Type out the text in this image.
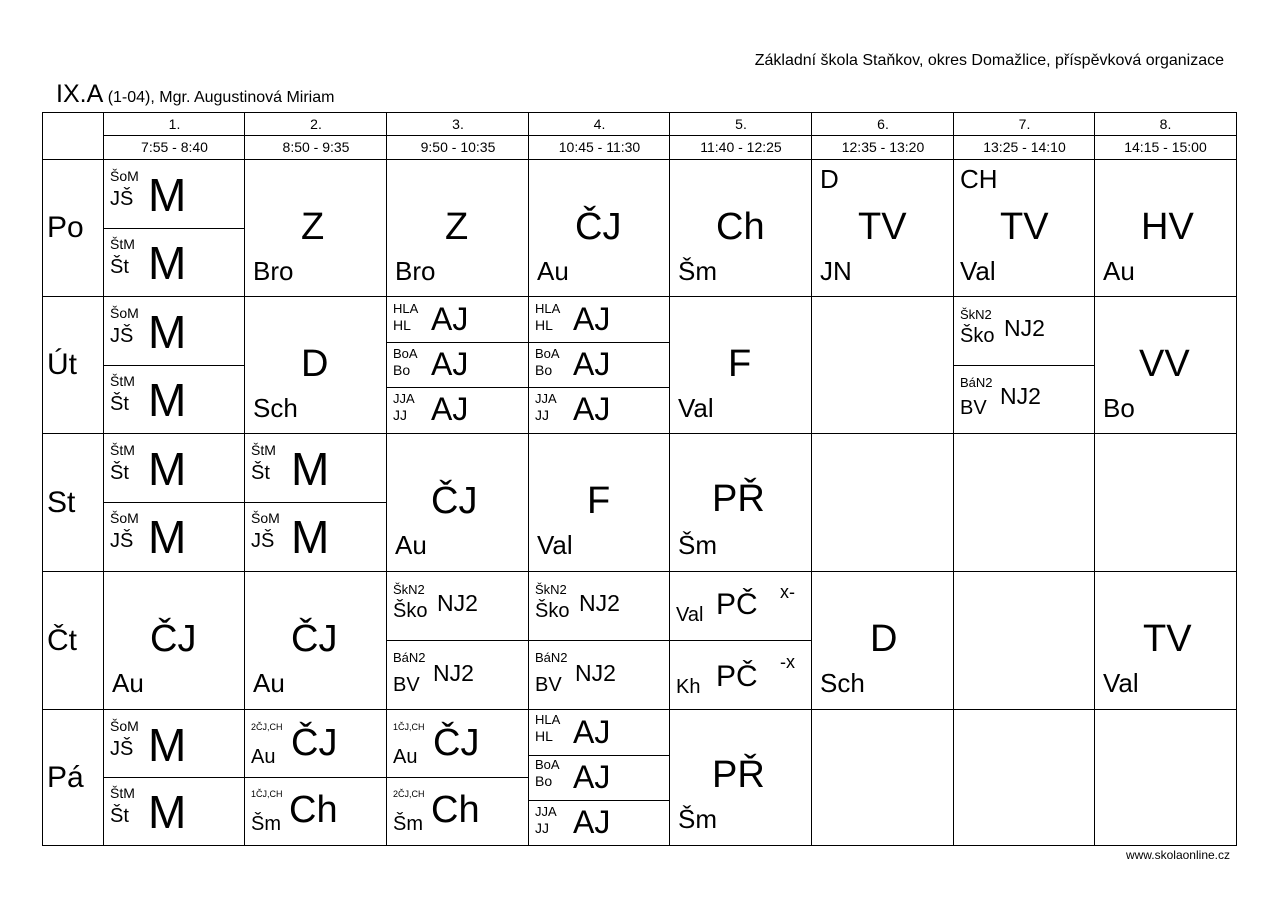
Základní škola Staňkov, okres Domažlice, příspěvková organizace
IX.A (1-04), Mgr. Augustinová Miriam
1.
7:55 - 8:40
2.
8:50 - 9:35
3.
9:50 - 10:35
4.
10:45 - 11:30
5.
11:40 - 12:25
6.
12:35 - 13:20
7.
13:25 - 14:10
8.
14:15 - 15:00
Po
Út
St
Čt
Pá
ŠoM
JŠ M
ŠtM
Št M
Z
Bro
Z
Bro
ČJ
Au
Ch
Šm
D
TV
JN
CH
TV
Val
HV
Au
ŠoM
JŠ M
ŠtM
Št M
D
Sch
HLA
HL AJ
BoA
Bo AJ
JJA
JJ AJ
HLA
HL AJ
BoA
Bo AJ
JJA
JJ AJ
F
Val
ŠkN2
Ško NJ2
BáN2
BV NJ2
VV
Bo
ŠtM
Št M
ŠoM
JŠ M
ŠtM
Št M
ŠoM
JŠ M
ČJ
Au
F
Val
PŘ
Šm
ČJ
Au
ČJ
Au
ŠkN2
Ško NJ2
BáN2
BV NJ2
ŠkN2
Ško NJ2
BáN2
BV NJ2
Val PČ x-
Kh PČ -x
D
Sch
TV
Val
ŠoM
JŠ M
ŠtM
Št M
2ČJ,CH
Au ČJ
1ČJ,CH
Šm Ch
1ČJ,CH
Au ČJ
2ČJ,CH
Šm Ch
HLA
HL AJ
BoA
Bo AJ
JJA
JJ AJ
PŘ
Šm
www.skolaonline.cz
